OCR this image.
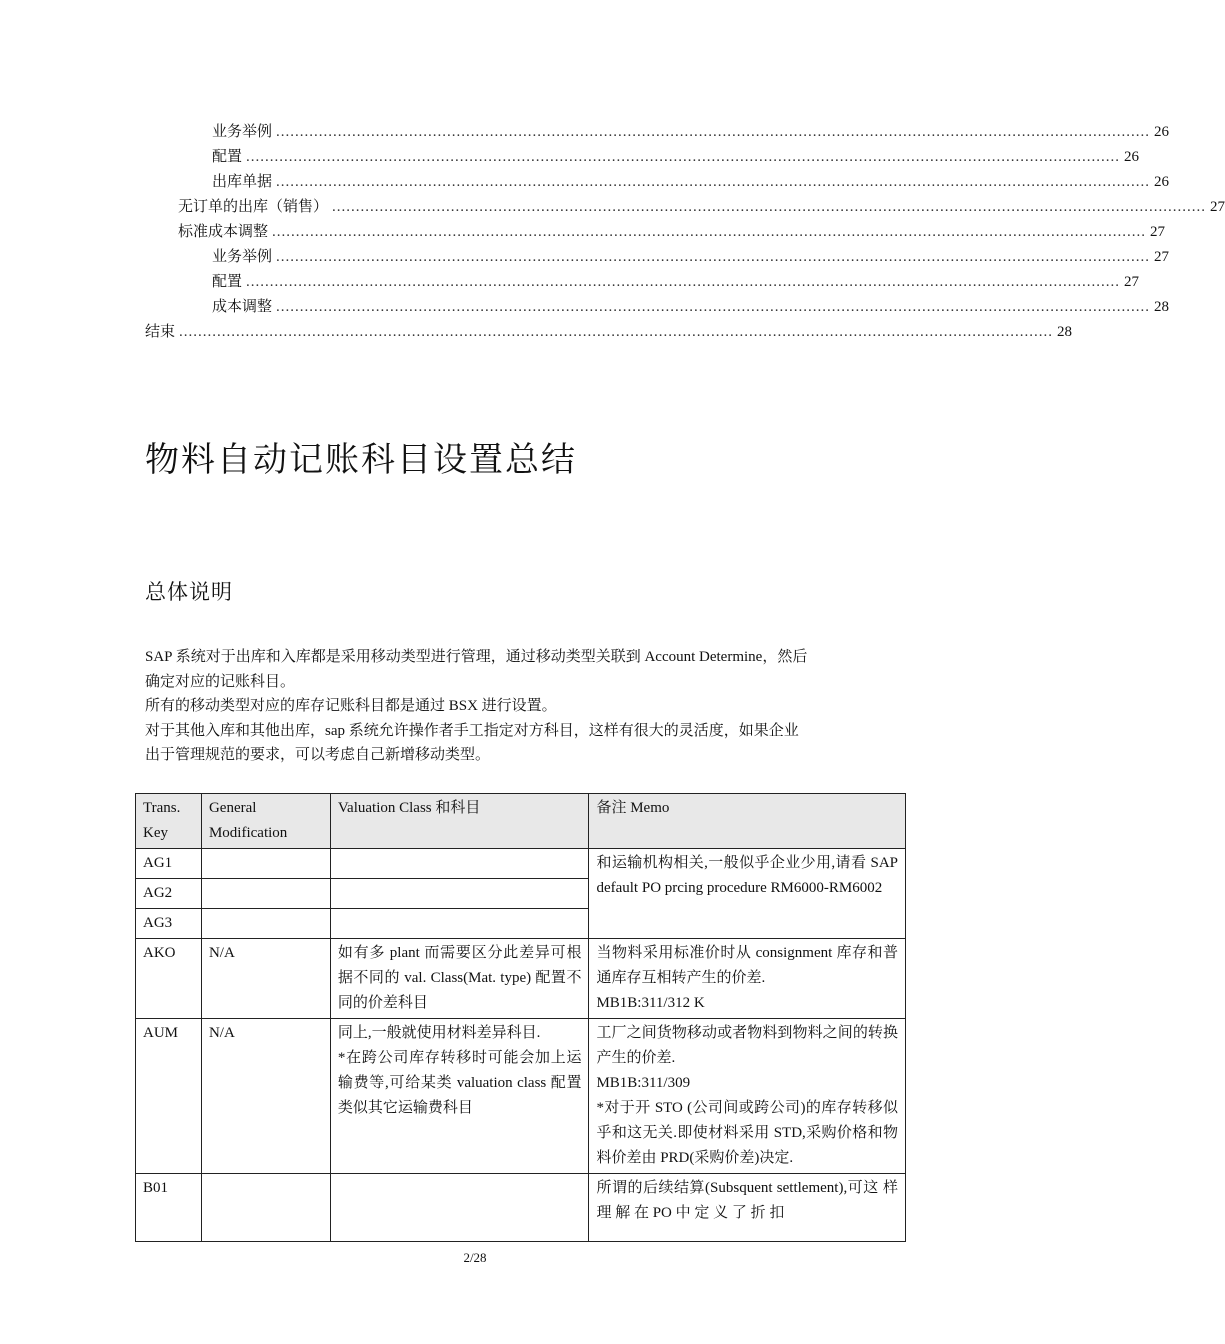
业务举例 ........................................................................................................................................................................................ 26
配置 ........................................................................................................................................................................................ 26
出库单据 ........................................................................................................................................................................................ 26
无订单的出库（销售） ........................................................................................................................................................................................ 27
标准成本调整 ........................................................................................................................................................................................ 27
业务举例 ........................................................................................................................................................................................ 27
配置 ........................................................................................................................................................................................ 27
成本调整 ........................................................................................................................................................................................ 28
结束 ........................................................................................................................................................................................ 28
物料自动记账科目设置总结
总体说明

SAP 系统对于出库和入库都是采用移动类型进行管理，通过移动类型关联到 Account Determine，然后确定对应的记账科目。

所有的移动类型对应的库存记账科目都是通过 BSX 进行设置。

对于其他入库和其他出库，sap 系统允许操作者手工指定对方科目，这样有很大的灵活度，如果企业出于管理规范的要求，可以考虑自己新增移动类型。

Trans. Key	General Modification	Valuation Class 和科目	备注 Memo
AG1			和运输机构相关,一般似乎企业少用,请看 SAP default PO prcing procedure RM6000-RM6002
AG2			
AG3			
AKO	N/A	如有多 plant 而需要区分此差异可根据不同的 val. Class(Mat. type) 配置不同的价差科目	当物料采用标准价时从 consignment 库存和普通库存互相转产生的价差.
MB1B:311/312 K
AUM	N/A	同上,一般就使用材料差异科目.
*在跨公司库存转移时可能会加上运输费等,可给某类 valuation class 配置类似其它运输费科目	工厂之间货物移动或者物料到物料之间的转换产生的价差.
MB1B:311/309
*对于开 STO (公司间或跨公司)的库存转移似乎和这无关.即使材料采用 STD,采购价格和物料价差由 PRD(采购价差)决定.
B01			所谓的后续结算(Subsquent settlement),可这 样 理 解 在 PO 中 定 义 了 折 扣
2/28
